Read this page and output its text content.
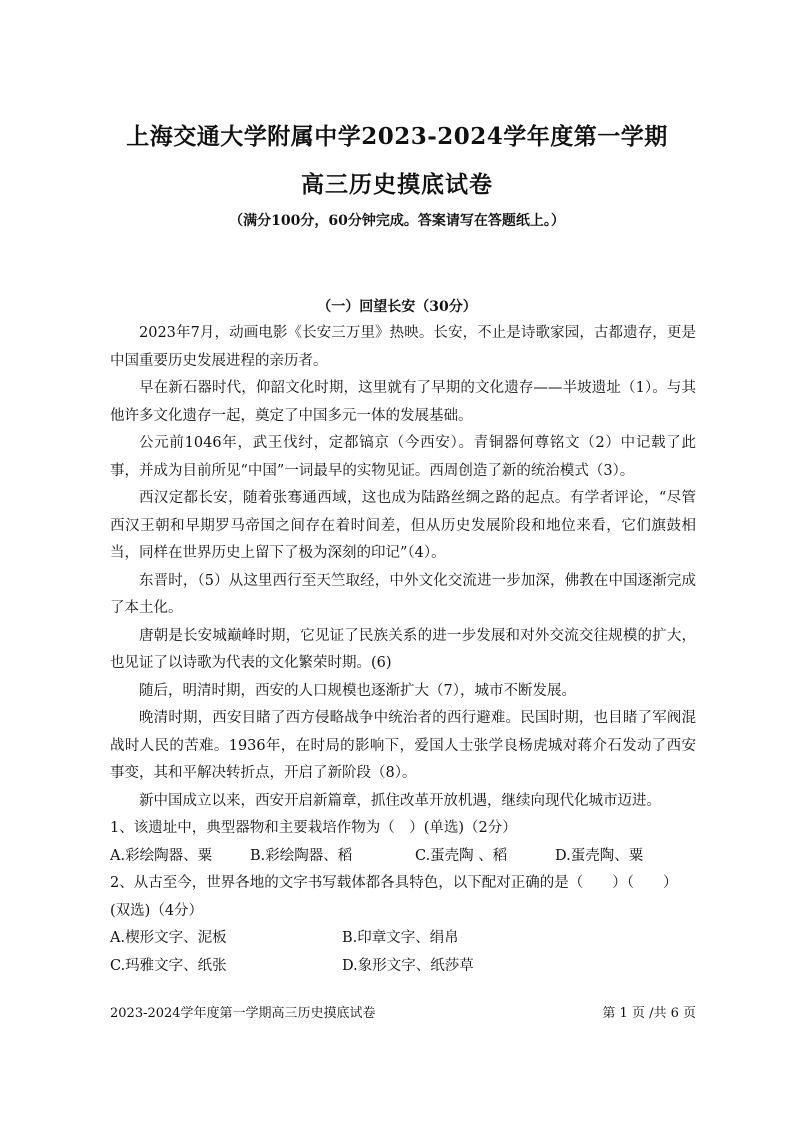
上海交通大学附属中学2023-2024学年度第一学期
高三历史摸底试卷
（满分100分，60分钟完成。答案请写在答题纸上。）
（一）回望长安（30分）

2023年7月，动画电影《长安三万里》热映。长安，不止是诗歌家园，古都遗存，更是中国重要历史发展进程的亲历者。

早在新石器时代，仰韶文化时期，这里就有了早期的文化遗存——半坡遗址（1）。与其他许多文化遗存一起，奠定了中国多元一体的发展基础。

公元前1046年，武王伐纣，定都镐京（今西安）。青铜器何尊铭文（2）中记载了此事，并成为目前所见“中国”一词最早的实物见证。西周创造了新的统治模式（3）。

西汉定都长安，随着张骞通西域，这也成为陆路丝绸之路的起点。有学者评论，“尽管西汉王朝和早期罗马帝国之间存在着时间差，但从历史发展阶段和地位来看，它们旗鼓相当，同样在世界历史上留下了极为深刻的印记”（4）。

东晋时，（5）从这里西行至天竺取经，中外文化交流进一步加深，佛教在中国逐渐完成了本土化。

唐朝是长安城巅峰时期，它见证了民族关系的进一步发展和对外交流交往规模的扩大，也见证了以诗歌为代表的文化繁荣时期。(6)

随后，明清时期，西安的人口规模也逐渐扩大（7），城市不断发展。

晚清时期，西安目睹了西方侵略战争中统治者的西行避难。民国时期，也目睹了军阀混战时人民的苦难。1936年，在时局的影响下，爱国人士张学良杨虎城对蒋介石发动了西安事变，其和平解决转折点，开启了新阶段（8）。

新中国成立以来，西安开启新篇章，抓住改革开放机遇，继续向现代化城市迈进。

1、该遗址中，典型器物和主要栽培作物为（　）(单选)（2分）

A.彩绘陶器、粟	B.彩绘陶器、稻	C.蛋壳陶 、稻	D.蛋壳陶、粟

2、从古至今，世界各地的文字书写载体都各具特色，以下配对正确的是（　　）（　　）(双选)（4分）

A.楔形文字、泥板	B.印章文字、绢帛
C.玛雅文字、纸张	D.象形文字、纸莎草
2023-2024学年度第一学期高三历史摸底试卷	第 1 页 /共 6 页
